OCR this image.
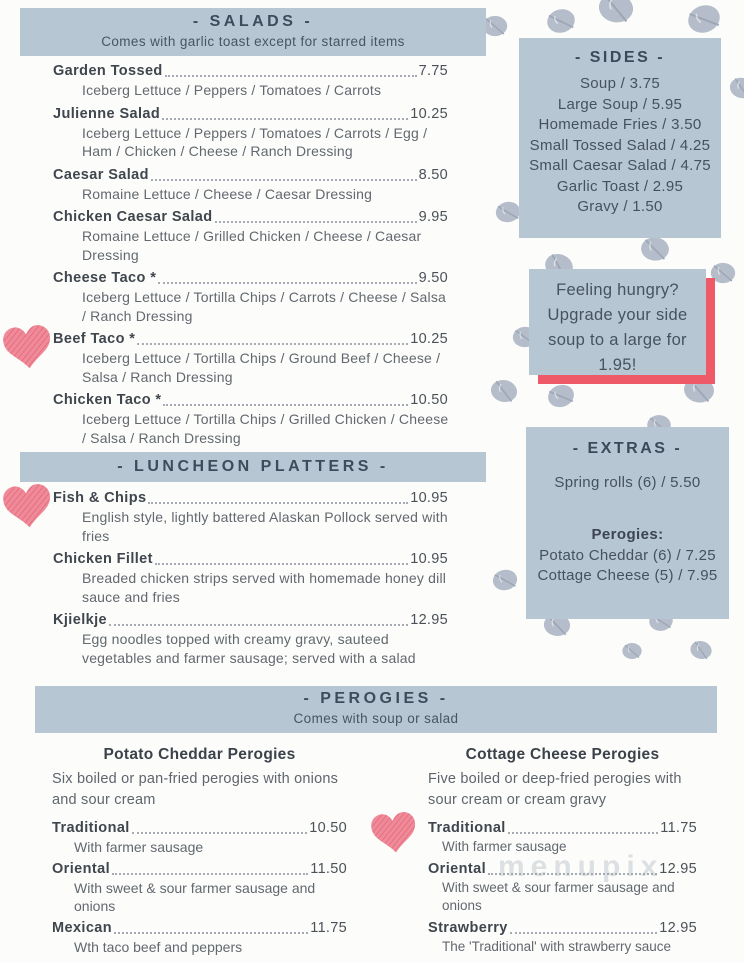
menupix
- SALADS -
Comes with garlic toast except for starred items
Garden Tossed	7.75
Iceberg Lettuce / Peppers / Tomatoes / Carrots
Julienne Salad	10.25
Iceberg Lettuce / Peppers / Tomatoes / Carrots / Egg / Ham / Chicken / Cheese / Ranch Dressing
Caesar Salad	8.50
Romaine Lettuce / Cheese / Caesar Dressing
Chicken Caesar Salad	9.95
Romaine Lettuce / Grilled Chicken / Cheese / Caesar Dressing
Cheese Taco *	9.50
Iceberg Lettuce / Tortilla Chips / Carrots / Cheese / Salsa / Ranch Dressing
Beef Taco *	10.25
Iceberg Lettuce / Tortilla Chips / Ground Beef / Cheese / Salsa / Ranch Dressing
Chicken Taco *	10.50
Iceberg Lettuce / Tortilla Chips / Grilled Chicken / Cheese / Salsa / Ranch Dressing
- LUNCHEON PLATTERS -
Fish & Chips	10.95
English style, lightly battered Alaskan Pollock served with fries
Chicken Fillet	10.95
Breaded chicken strips served with homemade honey dill sauce and fries
Kjielkje	12.95
Egg noodles topped with creamy gravy, sauteed vegetables and farmer sausage; served with a salad
- SIDES -
Soup / 3.75
Large Soup / 5.95
Homemade Fries / 3.50
Small Tossed Salad / 4.25
Small Caesar Salad / 4.75
Garlic Toast / 2.95
Gravy / 1.50
Feeling hungry?
Upgrade your side
soup to a large for
1.95!
- EXTRAS -
Spring rolls (6) / 5.50
Perogies:
Potato Cheddar (6) / 7.25
Cottage Cheese (5) / 7.95
- PEROGIES -
Comes with soup or salad
Potato Cheddar Perogies
Six boiled or pan-fried perogies with onions and sour cream
Traditional	10.50
With farmer sausage
Oriental	11.50
With sweet & sour farmer sausage and onions
Mexican	11.75
Wth taco beef and peppers
Cottage Cheese Perogies
Five boiled or deep-fried perogies with sour cream or cream gravy
Traditional	11.75
With farmer sausage
Oriental	12.95
With sweet & sour farmer sausage and onions
Strawberry	12.95
The 'Traditional' with strawberry sauce
